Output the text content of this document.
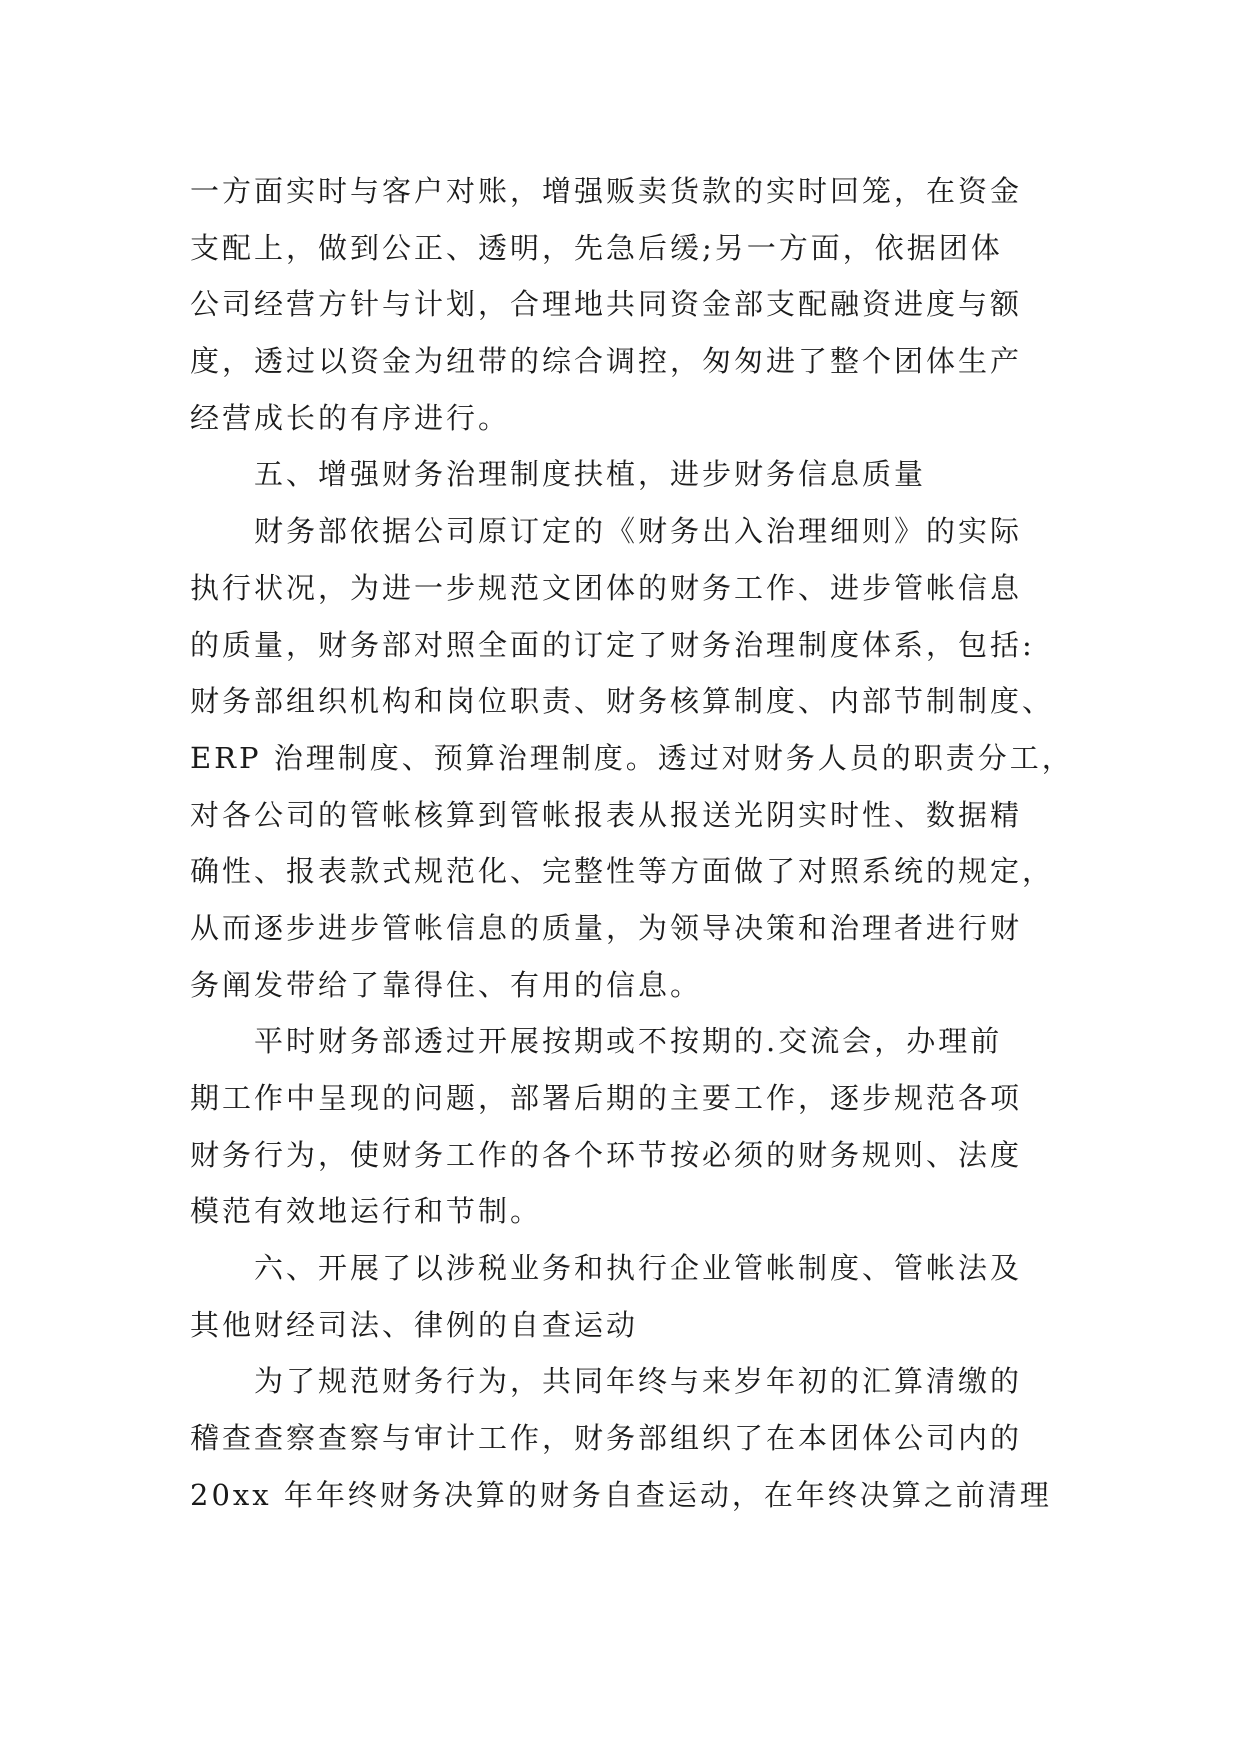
一方面实时与客户对账，增强贩卖货款的实时回笼，在资金
支配上，做到公正、透明，先急后缓;另一方面，依据团体
公司经营方针与计划，合理地共同资金部支配融资进度与额
度，透过以资金为纽带的综合调控，匆匆进了整个团体生产
经营成长的有序进行。
五、增强财务治理制度扶植，进步财务信息质量
财务部依据公司原订定的《财务出入治理细则》的实际
执行状况，为进一步规范文团体的财务工作、进步管帐信息
的质量，财务部对照全面的订定了财务治理制度体系，包括:
财务部组织机构和岗位职责、财务核算制度、内部节制制度、
ERP 治理制度、预算治理制度。透过对财务人员的职责分工，
对各公司的管帐核算到管帐报表从报送光阴实时性、数据精
确性、报表款式规范化、完整性等方面做了对照系统的规定，
从而逐步进步管帐信息的质量，为领导决策和治理者进行财
务阐发带给了靠得住、有用的信息。
平时财务部透过开展按期或不按期的.交流会，办理前
期工作中呈现的问题，部署后期的主要工作，逐步规范各项
财务行为，使财务工作的各个环节按必须的财务规则、法度
模范有效地运行和节制。
六、开展了以涉税业务和执行企业管帐制度、管帐法及
其他财经司法、律例的自查运动
为了规范财务行为，共同年终与来岁年初的汇算清缴的
稽查查察查察与审计工作，财务部组织了在本团体公司内的
20xx 年年终财务决算的财务自查运动，在年终决算之前清理
